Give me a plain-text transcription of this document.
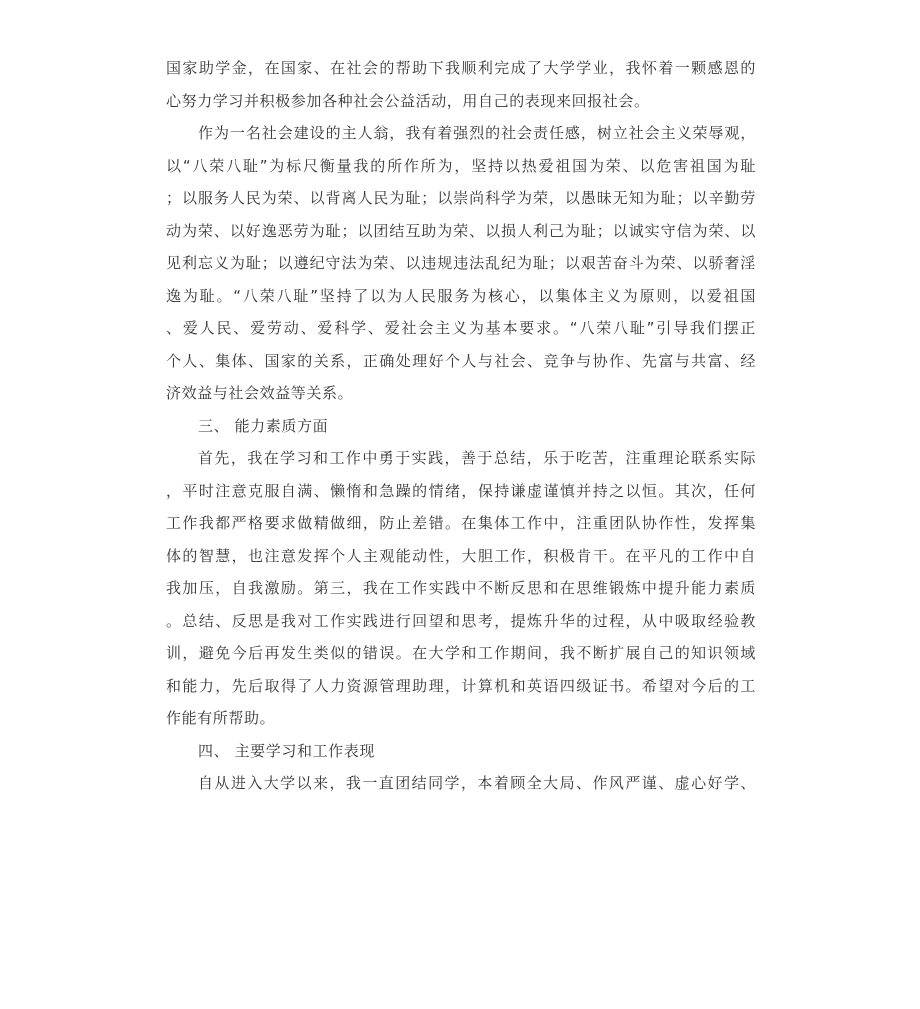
国家助学金，在国家、在社会的帮助下我顺利完成了大学学业，我怀着一颗感恩的
心努力学习并积极参加各种社会公益活动，用自己的表现来回报社会。
作为一名社会建设的主人翁，我有着强烈的社会责任感，树立社会主义荣辱观，
以“八荣八耻”为标尺衡量我的所作所为，坚持以热爱祖国为荣、以危害祖国为耻
；以服务人民为荣、以背离人民为耻；以崇尚科学为荣，以愚昧无知为耻；以辛勤劳
动为荣、以好逸恶劳为耻；以团结互助为荣、以损人利己为耻；以诚实守信为荣、以
见利忘义为耻；以遵纪守法为荣、以违规违法乱纪为耻；以艰苦奋斗为荣、以骄奢淫
逸为耻。“八荣八耻”坚持了以为人民服务为核心，以集体主义为原则，以爱祖国
、爱人民、爱劳动、爱科学、爱社会主义为基本要求。“八荣八耻”引导我们摆正
个人、集体、国家的关系，正确处理好个人与社会、竞争与协作、先富与共富、经
济效益与社会效益等关系。
三、 能力素质方面
首先，我在学习和工作中勇于实践，善于总结，乐于吃苦，注重理论联系实际
，平时注意克服自满、懒惰和急躁的情绪，保持谦虚谨慎并持之以恒。其次，任何
工作我都严格要求做精做细，防止差错。在集体工作中，注重团队协作性，发挥集
体的智慧，也注意发挥个人主观能动性，大胆工作，积极肯干。在平凡的工作中自
我加压，自我激励。第三，我在工作实践中不断反思和在思维锻炼中提升能力素质
。总结、反思是我对工作实践进行回望和思考，提炼升华的过程，从中吸取经验教
训，避免今后再发生类似的错误。在大学和工作期间，我不断扩展自己的知识领域
和能力，先后取得了人力资源管理助理，计算机和英语四级证书。希望对今后的工
作能有所帮助。
四、 主要学习和工作表现
自从进入大学以来，我一直团结同学，本着顾全大局、作风严谨、虚心好学、
